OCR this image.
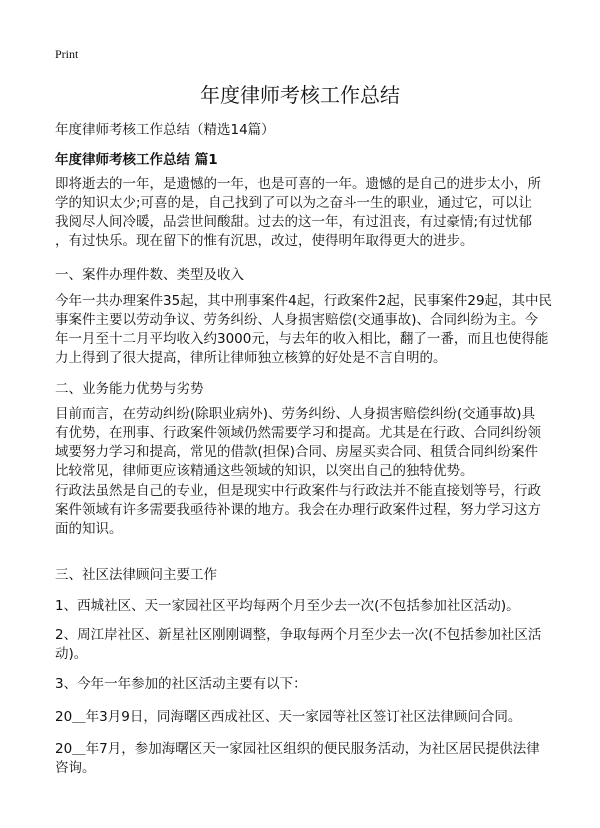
Print
年度律师考核工作总结
年度律师考核工作总结（精选14篇）
年度律师考核工作总结 篇1
即将逝去的一年，是遗憾的一年，也是可喜的一年。遗憾的是自己的进步太小，所
学的知识太少;可喜的是，自己找到了可以为之奋斗一生的职业，通过它，可以让
我阅尽人间冷暖，品尝世间酸甜。过去的这一年，有过沮丧，有过豪情;有过忧郁
，有过快乐。现在留下的惟有沉思，改过，使得明年取得更大的进步。
一、案件办理件数、类型及收入
今年一共办理案件35起，其中刑事案件4起，行政案件2起，民事案件29起，其中民
事案件主要以劳动争议、劳务纠纷、人身损害赔偿(交通事故)、合同纠纷为主。今
年一月至十二月平均收入约3000元，与去年的收入相比，翻了一番，而且也使得能
力上得到了很大提高，律所让律师独立核算的好处是不言自明的。
二、业务能力优势与劣势
目前而言，在劳动纠纷(除职业病外)、劳务纠纷、人身损害赔偿纠纷(交通事故)具
有优势，在刑事、行政案件领域仍然需要学习和提高。尤其是在行政、合同纠纷领
域要努力学习和提高，常见的借款(担保)合同、房屋买卖合同、租赁合同纠纷案件
比较常见，律师更应该精通这些领域的知识，以突出自己的独特优势。
行政法虽然是自己的专业，但是现实中行政案件与行政法并不能直接划等号，行政
案件领域有许多需要我亟待补课的地方。我会在办理行政案件过程，努力学习这方
面的知识。
三、社区法律顾问主要工作
1、西城社区、天一家园社区平均每两个月至少去一次(不包括参加社区活动)。
2、周江岸社区、新星社区刚刚调整，争取每两个月至少去一次(不包括参加社区活
动)。
3、今年一年参加的社区活动主要有以下：
20＿年3月9日，同海曙区西成社区、天一家园等社区签订社区法律顾问合同。
20＿年7月，参加海曙区天一家园社区组织的便民服务活动，为社区居民提供法律
咨询。
